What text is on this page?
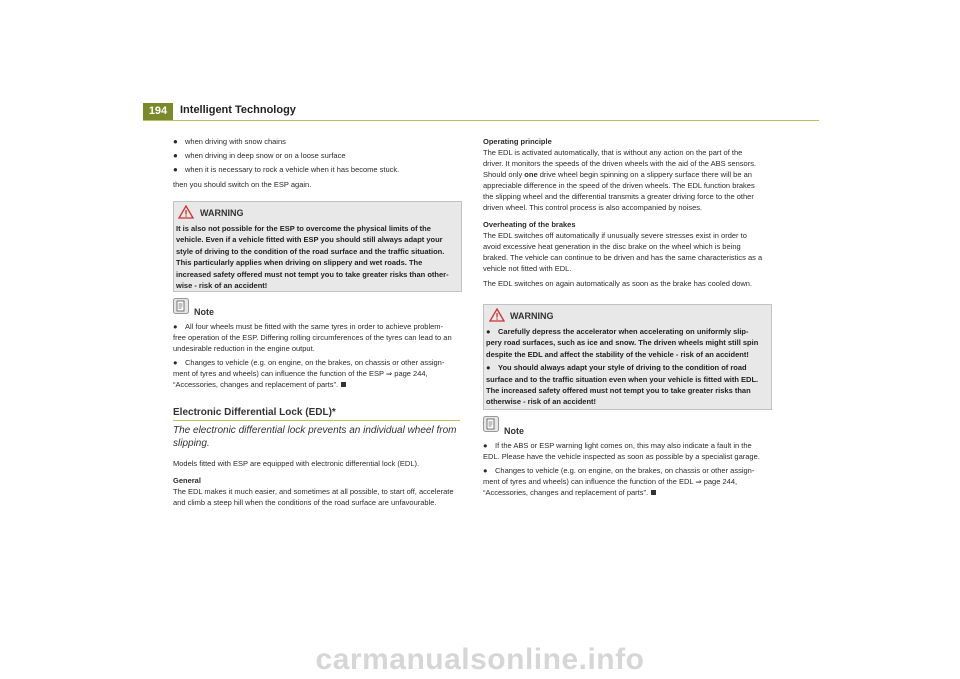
194	Intelligent Technology
● when driving with snow chains
● when driving in deep snow or on a loose surface
● when it is necessary to rock a vehicle when it has become stuck.

then you should switch on the ESP again.

WARNING
It is also not possible for the ESP to overcome the physical limits of the
vehicle. Even if a vehicle fitted with ESP you should still always adapt your
style of driving to the condition of the road surface and the traffic situation.
This particularly applies when driving on slippery and wet roads. The
increased safety offered must not tempt you to take greater risks than other-
wise - risk of an accident!
Note
● All four wheels must be fitted with the same tyres in order to achieve problem-
free operation of the ESP. Differing rolling circumferences of the tyres can lead to an
undesirable reduction in the engine output.
● Changes to vehicle (e.g. on engine, on the brakes, on chassis or other assign-
ment of tyres and wheels) can influence the function of the ESP ⇒ page 244,
“Accessories, changes and replacement of parts”.
Electronic Differential Lock (EDL)*
The electronic differential lock prevents an individual wheel from
slipping.

Models fitted with ESP are equipped with electronic differential lock (EDL).

General

The EDL makes it much easier, and sometimes at all possible, to start off, accelerate
and climb a steep hill when the conditions of the road surface are unfavourable.
Operating principle
The EDL is activated automatically, that is without any action on the part of the
driver. It monitors the speeds of the driven wheels with the aid of the ABS sensors.
Should only one drive wheel begin spinning on a slippery surface there will be an
appreciable difference in the speed of the driven wheels. The EDL function brakes
the slipping wheel and the differential transmits a greater driving force to the other
driven wheel. This control process is also accompanied by noises.
Overheating of the brakes
The EDL switches off automatically if unusually severe stresses exist in order to
avoid excessive heat generation in the disc brake on the wheel which is being
braked. The vehicle can continue to be driven and has the same characteristics as a
vehicle not fitted with EDL.
The EDL switches on again automatically as soon as the brake has cooled down.
WARNING
● Carefully depress the accelerator when accelerating on uniformly slip-
pery road surfaces, such as ice and snow. The driven wheels might still spin
despite the EDL and affect the stability of the vehicle - risk of an accident!
● You should always adapt your style of driving to the condition of road
surface and to the traffic situation even when your vehicle is fitted with EDL.
The increased safety offered must not tempt you to take greater risks than
otherwise - risk of an accident!
Note
● If the ABS or ESP warning light comes on, this may also indicate a fault in the
EDL. Please have the vehicle inspected as soon as possible by a specialist garage.
● Changes to vehicle (e.g. on engine, on the brakes, on chassis or other assign-
ment of tyres and wheels) can influence the function of the EDL ⇒ page 244,
“Accessories, changes and replacement of parts”.
carmanualsonline.info
